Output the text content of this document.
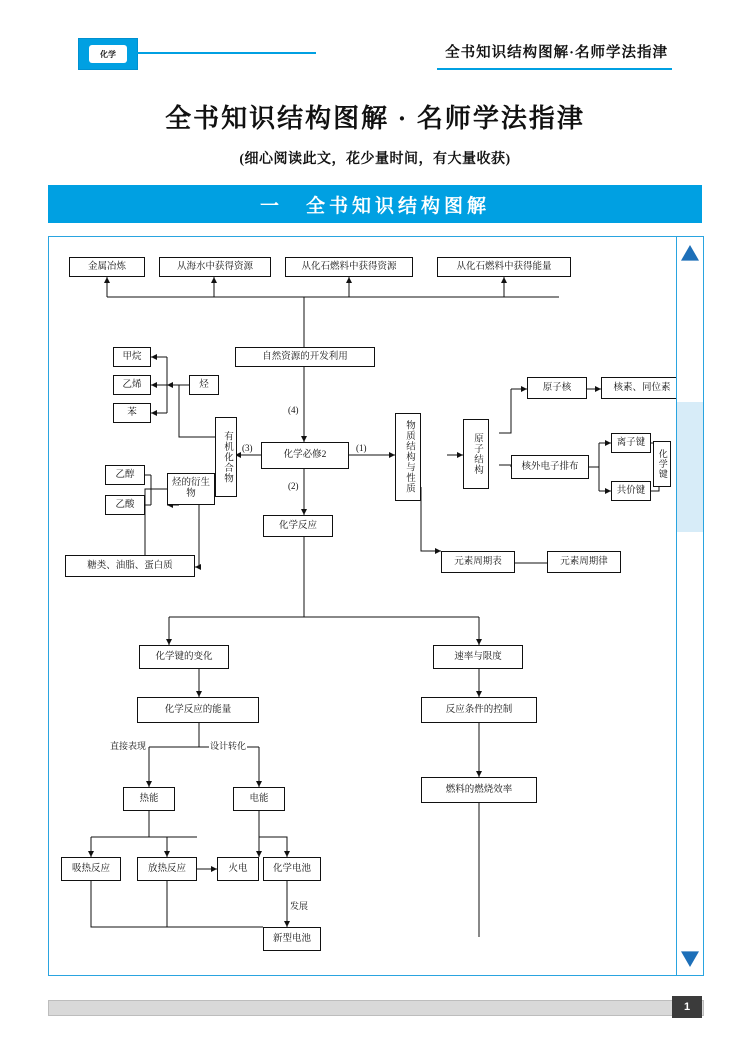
化学	全书知识结构图解·名师学法指津
全书知识结构图解 · 名师学法指津
(细心阅读此文，花少量时间，有大量收获)
一　全书知识结构图解
金属冶炼	从海水中获得资源	从化石燃料中获得资源	从化石燃料中获得能量
自然资源的开发利用
甲烷
乙烯
苯
烃
乙醇
乙酸
烃的衍生物
糖类、油脂、蛋白质
有机化合物	化学必修2	物质结构与性质	原子结构
原子核	核素、同位素
核外电子排布
离子键
共价键
化学键
元素周期表	元素周期律
化学反应
化学键的变化	速率与限度
化学反应的能量	反应条件的控制
燃料的燃烧效率
热能	电能
吸热反应	放热反应	火电	化学电池
新型电池
(1)
(2)
(3)
(4)
直接表现	设计转化
发展
1
